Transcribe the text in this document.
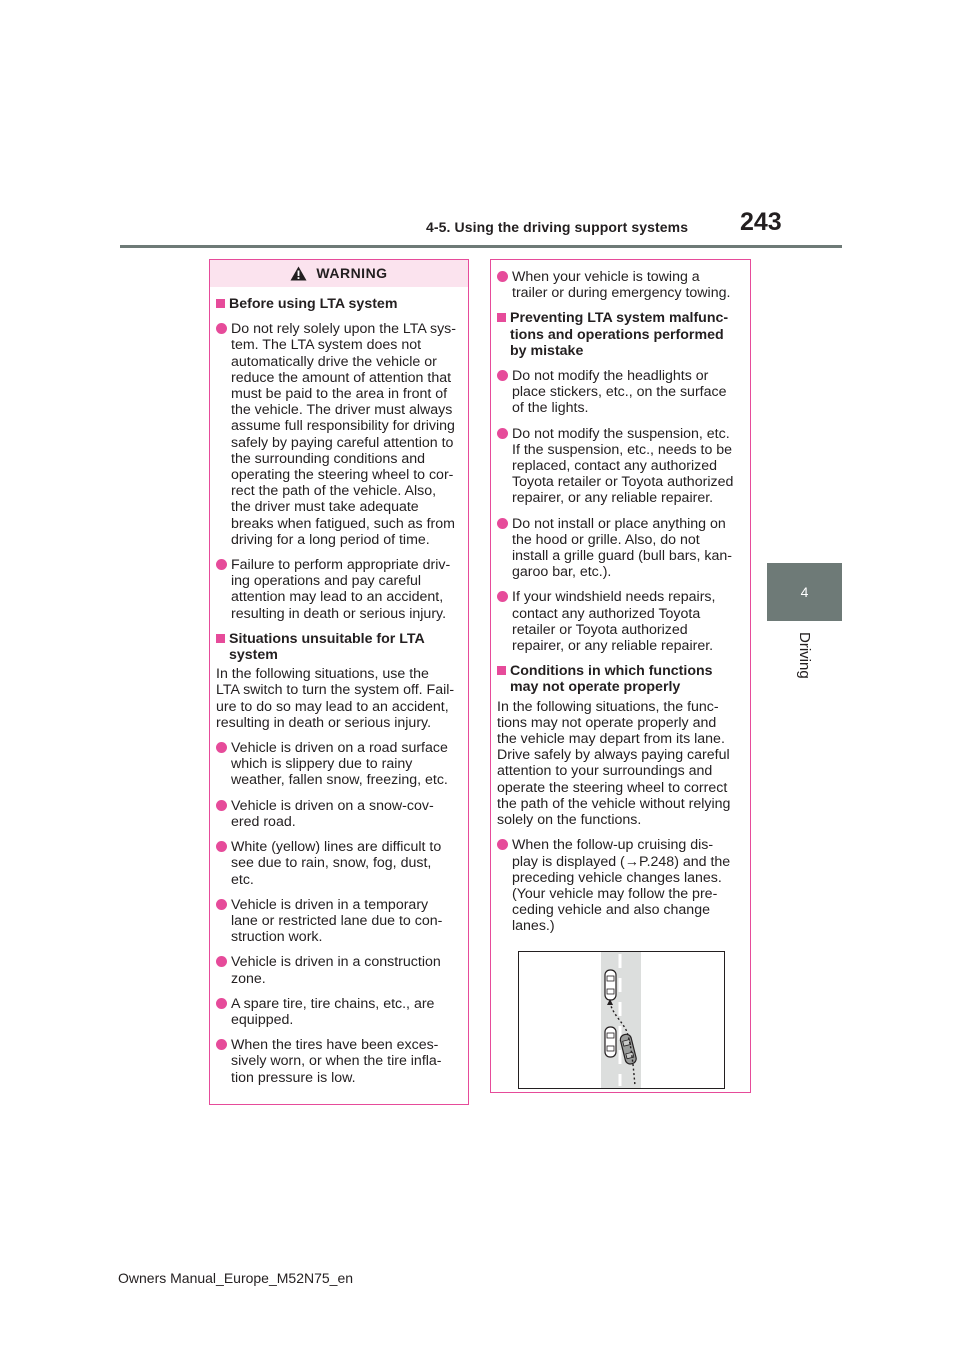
4-5. Using the driving support systems 243
4
Driving
WARNING
Before using LTA system
Do not rely solely upon the LTA sys-
tem. The LTA system does not
automatically drive the vehicle or
reduce the amount of attention that
must be paid to the area in front of
the vehicle. The driver must always
assume full responsibility for driving
safely by paying careful attention to
the surrounding conditions and
operating the steering wheel to cor-
rect the path of the vehicle. Also,
the driver must take adequate
breaks when fatigued, such as from
driving for a long period of time.
Failure to perform appropriate driv-
ing operations and pay careful
attention may lead to an accident,
resulting in death or serious injury.
Situations unsuitable for LTA
system
In the following situations, use the
LTA switch to turn the system off. Fail-
ure to do so may lead to an accident,
resulting in death or serious injury.
Vehicle is driven on a road surface
which is slippery due to rainy
weather, fallen snow, freezing, etc.
Vehicle is driven on a snow-cov-
ered road.
White (yellow) lines are difficult to
see due to rain, snow, fog, dust,
etc.
Vehicle is driven in a temporary
lane or restricted lane due to con-
struction work.
Vehicle is driven in a construction
zone.
A spare tire, tire chains, etc., are
equipped.
When the tires have been exces-
sively worn, or when the tire infla-
tion pressure is low.
When your vehicle is towing a
trailer or during emergency towing.
Preventing LTA system malfunc-
tions and operations performed
by mistake
Do not modify the headlights or
place stickers, etc., on the surface
of the lights.
Do not modify the suspension, etc.
If the suspension, etc., needs to be
replaced, contact any authorized
Toyota retailer or Toyota authorized
repairer, or any reliable repairer.
Do not install or place anything on
the hood or grille. Also, do not
install a grille guard (bull bars, kan-
garoo bar, etc.).
If your windshield needs repairs,
contact any authorized Toyota
retailer or Toyota authorized
repairer, or any reliable repairer.
Conditions in which functions
may not operate properly
In the following situations, the func-
tions may not operate properly and
the vehicle may depart from its lane.
Drive safely by always paying careful
attention to your surroundings and
operate the steering wheel to correct
the path of the vehicle without relying
solely on the functions.
When the follow-up cruising dis-
play is displayed (→P.248) and the
preceding vehicle changes lanes.
(Your vehicle may follow the pre-
ceding vehicle and also change
lanes.)
Owners Manual_Europe_M52N75_en
